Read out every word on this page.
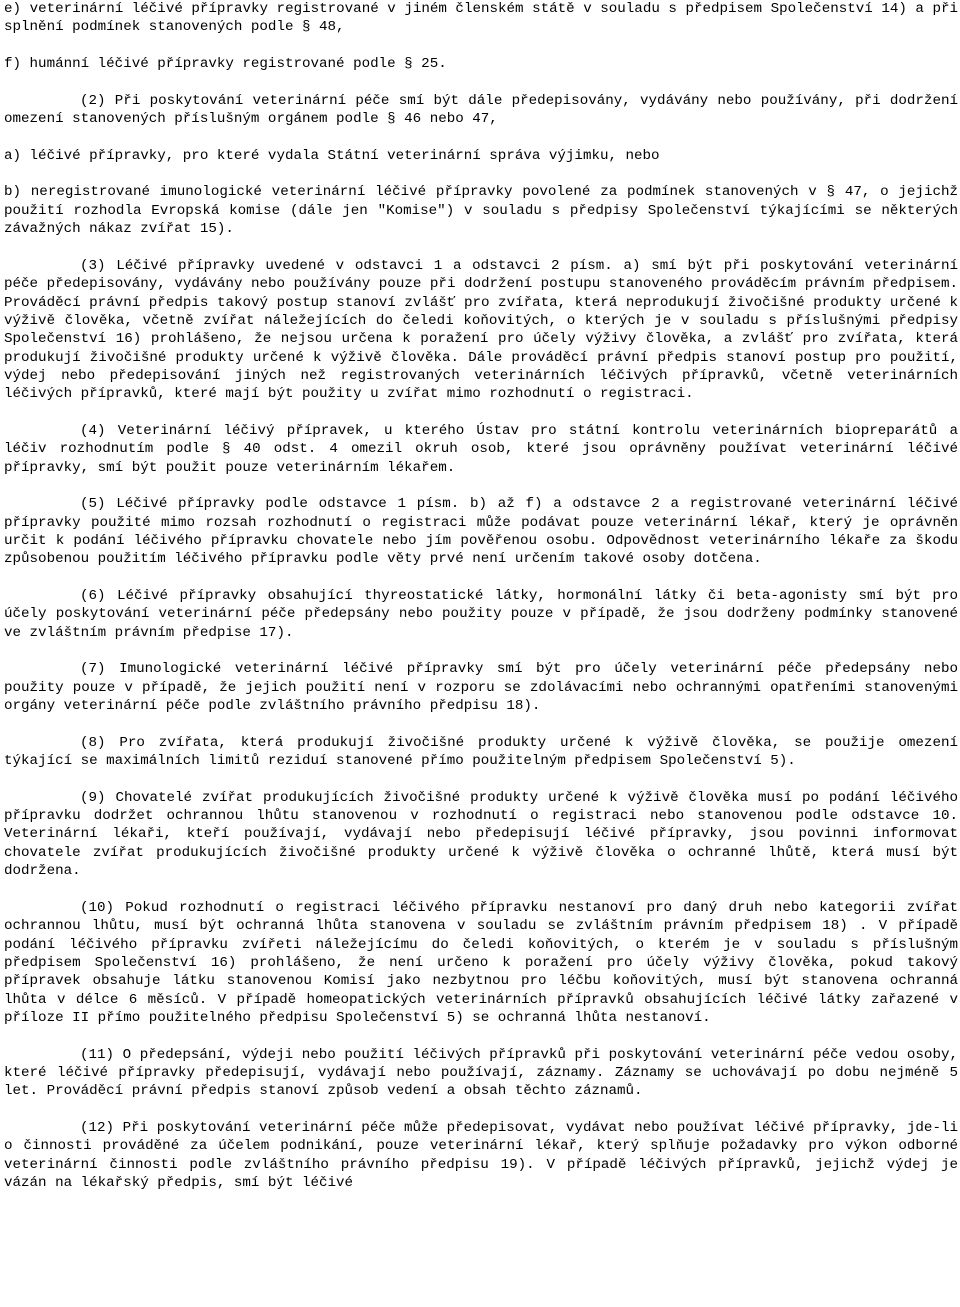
e) veterinární léčivé přípravky registrované v jiném členském státě v souladu s předpisem Společenství 14) a při splnění podmínek stanovených podle § 48,

f) humánní léčivé přípravky registrované podle § 25.

(2) Při poskytování veterinární péče smí být dále předepisovány, vydávány nebo používány, při dodržení omezení stanovených příslušným orgánem podle § 46 nebo 47,

a) léčivé přípravky, pro které vydala Státní veterinární správa výjimku, nebo

b) neregistrované imunologické veterinární léčivé přípravky povolené za podmínek stanovených v § 47, o jejichž použití rozhodla Evropská komise (dále jen "Komise") v souladu s předpisy Společenství týkajícími se některých závažných nákaz zvířat 15).

(3) Léčivé přípravky uvedené v odstavci 1 a odstavci 2 písm. a) smí být při poskytování veterinární péče předepisovány, vydávány nebo používány pouze při dodržení postupu stanoveného prováděcím právním předpisem. Prováděcí právní předpis takový postup stanoví zvlášť pro zvířata, která neprodukují živočišné produkty určené k výživě člověka, včetně zvířat náležejících do čeledi koňovitých, o kterých je v souladu s příslušnými předpisy Společenství 16) prohlášeno, že nejsou určena k poražení pro účely výživy člověka, a zvlášť pro zvířata, která produkují živočišné produkty určené k výživě člověka. Dále prováděcí právní předpis stanoví postup pro použití, výdej nebo předepisování jiných než registrovaných veterinárních léčivých přípravků, včetně veterinárních léčivých přípravků, které mají být použity u zvířat mimo rozhodnutí o registraci.

(4) Veterinární léčivý přípravek, u kterého Ústav pro státní kontrolu veterinárních biopreparátů a léčiv rozhodnutím podle § 40 odst. 4 omezil okruh osob, které jsou oprávněny používat veterinární léčivé přípravky, smí být použit pouze veterinárním lékařem.

(5) Léčivé přípravky podle odstavce 1 písm. b) až f) a odstavce 2 a registrované veterinární léčivé přípravky použité mimo rozsah rozhodnutí o registraci může podávat pouze veterinární lékař, který je oprávněn určit k podání léčivého přípravku chovatele nebo jím pověřenou osobu. Odpovědnost veterinárního lékaře za škodu způsobenou použitím léčivého přípravku podle věty prvé není určením takové osoby dotčena.

(6) Léčivé přípravky obsahující thyreostatické látky, hormonální látky či beta-agonisty smí být pro účely poskytování veterinární péče předepsány nebo použity pouze v případě, že jsou dodrženy podmínky stanovené ve zvláštním právním předpise 17).

(7) Imunologické veterinární léčivé přípravky smí být pro účely veterinární péče předepsány nebo použity pouze v případě, že jejich použití není v rozporu se zdolávacími nebo ochrannými opatřeními stanovenými orgány veterinární péče podle zvláštního právního předpisu 18).

(8) Pro zvířata, která produkují živočišné produkty určené k výživě člověka, se použije omezení týkající se maximálních limitů reziduí stanovené přímo použitelným předpisem Společenství 5).

(9) Chovatelé zvířat produkujících živočišné produkty určené k výživě člověka musí po podání léčivého přípravku dodržet ochrannou lhůtu stanovenou v rozhodnutí o registraci nebo stanovenou podle odstavce 10. Veterinární lékaři, kteří používají, vydávají nebo předepisují léčivé přípravky, jsou povinni informovat chovatele zvířat produkujících živočišné produkty určené k výživě člověka o ochranné lhůtě, která musí být dodržena.

(10) Pokud rozhodnutí o registraci léčivého přípravku nestanoví pro daný druh nebo kategorii zvířat ochrannou lhůtu, musí být ochranná lhůta stanovena v souladu se zvláštním právním předpisem 18) . V případě podání léčivého přípravku zvířeti náležejícímu do čeledi koňovitých, o kterém je v souladu s příslušným předpisem Společenství 16) prohlášeno, že není určeno k poražení pro účely výživy člověka, pokud takový přípravek obsahuje látku stanovenou Komisí jako nezbytnou pro léčbu koňovitých, musí být stanovena ochranná lhůta v délce 6 měsíců. V případě homeopatických veterinárních přípravků obsahujících léčivé látky zařazené v příloze II přímo použitelného předpisu Společenství 5) se ochranná lhůta nestanoví.

(11) O předepsání, výdeji nebo použití léčivých přípravků při poskytování veterinární péče vedou osoby, které léčivé přípravky předepisují, vydávají nebo používají, záznamy. Záznamy se uchovávají po dobu nejméně 5 let. Prováděcí právní předpis stanoví způsob vedení a obsah těchto záznamů.

(12) Při poskytování veterinární péče může předepisovat, vydávat nebo používat léčivé přípravky, jde-li o činnosti prováděné za účelem podnikání, pouze veterinární lékař, který splňuje požadavky pro výkon odborné veterinární činnosti podle zvláštního právního předpisu 19). V případě léčivých přípravků, jejichž výdej je vázán na lékařský předpis, smí být léčivé
